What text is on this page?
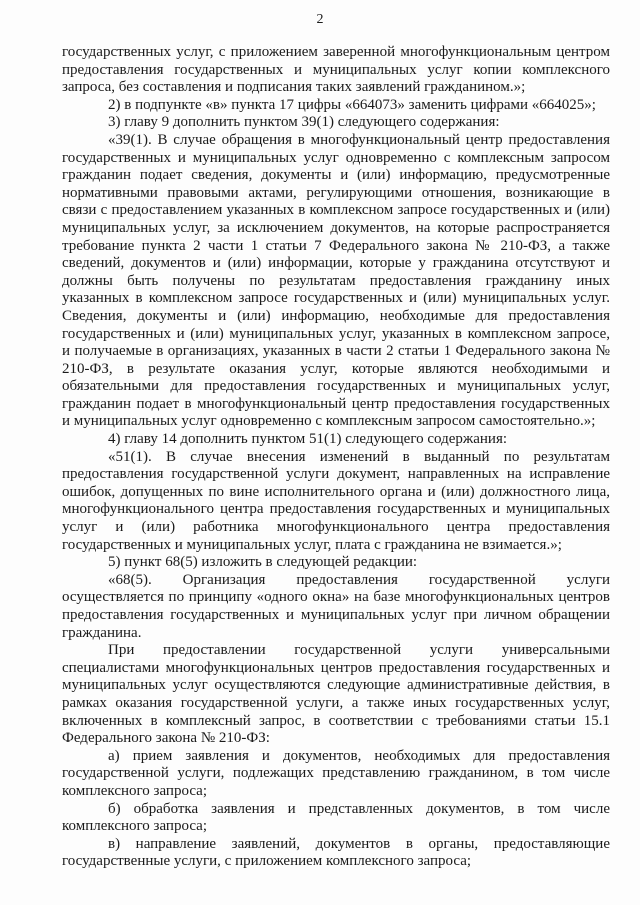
2
государственных услуг, с приложением заверенной многофункциональным центром
предоставления государственных и муниципальных услуг копии комплексного
запроса, без составления и подписания таких заявлений гражданином.»;
2) в подпункте «в» пункта 17 цифры «664073» заменить цифрами «664025»;
3) главу 9 дополнить пунктом 39(1) следующего содержания:
«39(1). В случае обращения в многофункциональный центр предоставления
государственных и муниципальных услуг одновременно с комплексным запросом
гражданин подает сведения, документы и (или) информацию, предусмотренные
нормативными правовыми актами, регулирующими отношения, возникающие в
связи с предоставлением указанных в комплексном запросе государственных и (или)
муниципальных услуг, за исключением документов, на которые распространяется
требование пункта 2 части 1 статьи 7 Федерального закона № 210-ФЗ, а также
сведений, документов и (или) информации, которые у гражданина отсутствуют и
должны быть получены по результатам предоставления гражданину иных
указанных в комплексном запросе государственных и (или) муниципальных услуг.
Сведения, документы и (или) информацию, необходимые для предоставления
государственных и (или) муниципальных услуг, указанных в комплексном запросе,
и получаемые в организациях, указанных в части 2 статьи 1 Федерального закона №
210-ФЗ, в результате оказания услуг, которые являются необходимыми и
обязательными для предоставления государственных и муниципальных услуг,
гражданин подает в многофункциональный центр предоставления государственных
и муниципальных услуг одновременно с комплексным запросом самостоятельно.»;
4) главу 14 дополнить пунктом 51(1) следующего содержания:
«51(1). В случае внесения изменений в выданный по результатам
предоставления государственной услуги документ, направленных на исправление
ошибок, допущенных по вине исполнительного органа и (или) должностного лица,
многофункционального центра предоставления государственных и муниципальных
услуг и (или) работника многофункционального центра предоставления
государственных и муниципальных услуг, плата с гражданина не взимается.»;
5) пункт 68(5) изложить в следующей редакции:
«68(5). Организация предоставления государственной услуги
осуществляется по принципу «одного окна» на базе многофункциональных центров
предоставления государственных и муниципальных услуг при личном обращении
гражданина.
При предоставлении государственной услуги универсальными
специалистами многофункциональных центров предоставления государственных и
муниципальных услуг осуществляются следующие административные действия, в
рамках оказания государственной услуги, а также иных государственных услуг,
включенных в комплексный запрос, в соответствии с требованиями статьи 15.1
Федерального закона № 210-ФЗ:
а) прием заявления и документов, необходимых для предоставления
государственной услуги, подлежащих представлению гражданином, в том числе
комплексного запроса;
б) обработка заявления и представленных документов, в том числе
комплексного запроса;
в) направление заявлений, документов в органы, предоставляющие
государственные услуги, с приложением комплексного запроса;
